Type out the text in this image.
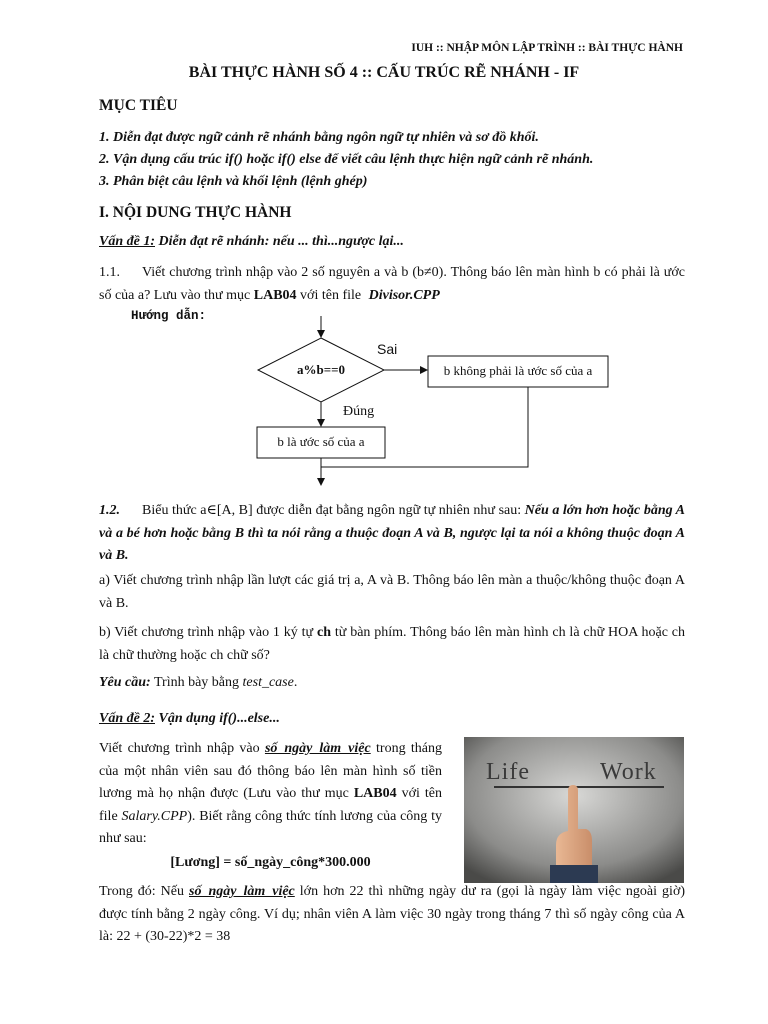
IUH :: NHẬP MÔN LẬP TRÌNH :: BÀI THỰC HÀNH
BÀI THỰC HÀNH SỐ 4 :: CẤU TRÚC RẼ NHÁNH - IF
MỤC TIÊU
1. Diễn đạt được ngữ cảnh rẽ nhánh bằng ngôn ngữ tự nhiên và sơ đồ khối.
2. Vận dụng cấu trúc if() hoặc if() else để viết câu lệnh thực hiện ngữ cảnh rẽ nhánh.
3. Phân biệt câu lệnh và khối lệnh (lệnh ghép)
I. NỘI DUNG THỰC HÀNH
Vấn đề 1: Diễn đạt rẽ nhánh: nếu ... thì...ngược lại...
1.1. Viết chương trình nhập vào 2 số nguyên a và b (b≠0). Thông báo lên màn hình b có phải là ước số của a? Lưu vào thư mục LAB04 với tên file Divisor.CPP
Hướng dẫn:
a%b==0
Sai
Đúng
b không phải là ước số của a
b là ước số của a
1.2. Biểu thức a∈[A, B] được diễn đạt bằng ngôn ngữ tự nhiên như sau: Nếu a lớn hơn hoặc bằng A và a bé hơn hoặc bằng B thì ta nói rằng a thuộc đoạn A và B, ngược lại ta nói a không thuộc đoạn A và B.
a) Viết chương trình nhập lần lượt các giá trị a, A và B. Thông báo lên màn a thuộc/không thuộc đoạn A và B.
b) Viết chương trình nhập vào 1 ký tự ch từ bàn phím. Thông báo lên màn hình ch là chữ HOA hoặc ch là chữ thường hoặc ch chữ số?
Yêu cầu: Trình bày bằng test_case.
Vấn đề 2: Vận dụng if()...else...
Viết chương trình nhập vào số_ngày_làm_việc trong tháng của một nhân viên sau đó thông báo lên màn hình số tiền lương mà họ nhận được (Lưu vào thư mục LAB04 với tên file Salary.CPP). Biết rằng công thức tính lương của công ty như sau:
[Lương] = số_ngày_công*300.000
Trong đó: Nếu số_ngày_làm_việc lớn hơn 22 thì những ngày dư ra (gọi là ngày làm việc ngoài giờ) được tính bằng 2 ngày công. Ví dụ; nhân viên A làm việc 30 ngày trong tháng 7 thì số ngày công của A là: 22 + (30-22)*2 = 38
Life	Work
